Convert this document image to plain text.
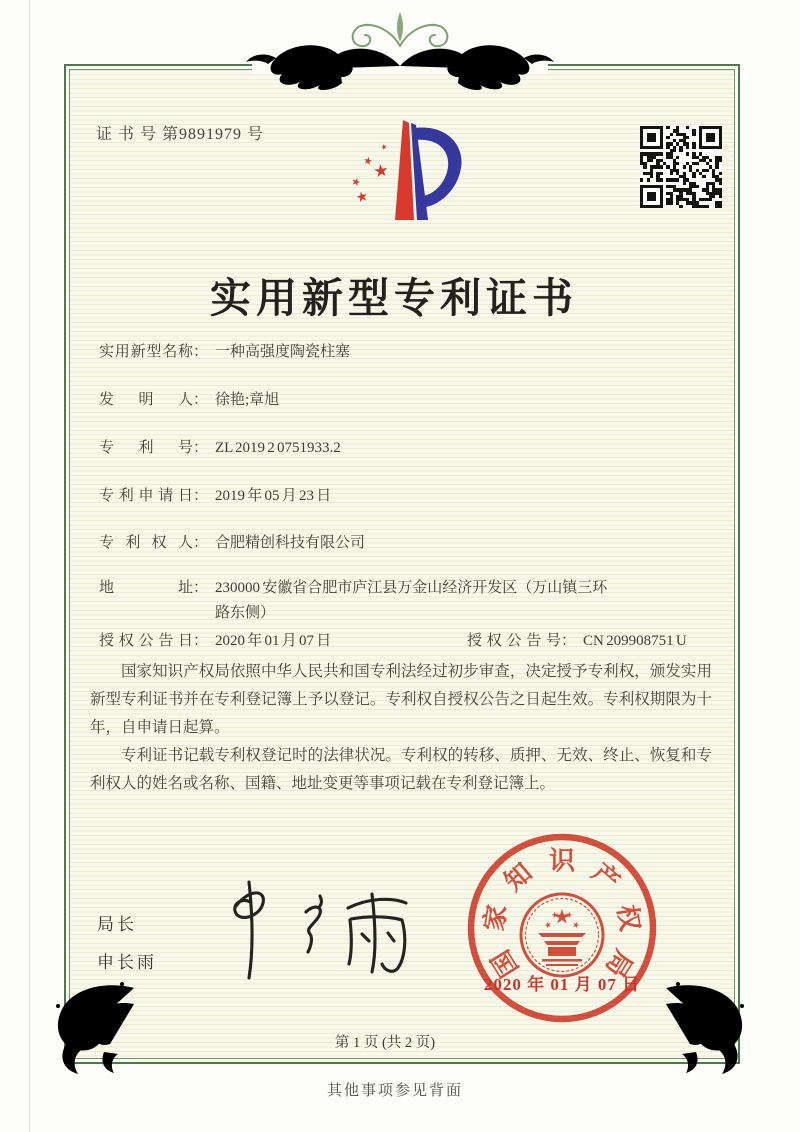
证 书 号 第9891979 号
实用新型专利证书
实用新型名称 ： 一种高强度陶瓷柱塞
发明人 ： 徐艳;章旭
专利号 ： ZL 2019 2 0751933.2
专利申请日 ： 2019 年 05 月 23 日
专利权人 ： 合肥精创科技有限公司
地址 ： 230000 安徽省合肥市庐江县万金山经济开发区（万山镇三环路东侧）
授权公告日 ： 2020 年 01 月 07 日	授权公告号 ： CN 209908751 U

国家知识产权局依照中华人民共和国专利法经过初步审查，决定授予专利权，颁发实用新型专利证书并在专利登记簿上予以登记。专利权自授权公告之日起生效。专利权期限为十年，自申请日起算。

专利证书记载专利权登记时的法律状况。专利权的转移、质押、无效、终止、恢复和专利权人的姓名或名称、国籍、地址变更等事项记载在专利登记簿上。

局长
申长雨	国
家
知 识 产
权
局
2020 年 01 月 07 日
第 1 页 (共 2 页)
其他事项参见背面
